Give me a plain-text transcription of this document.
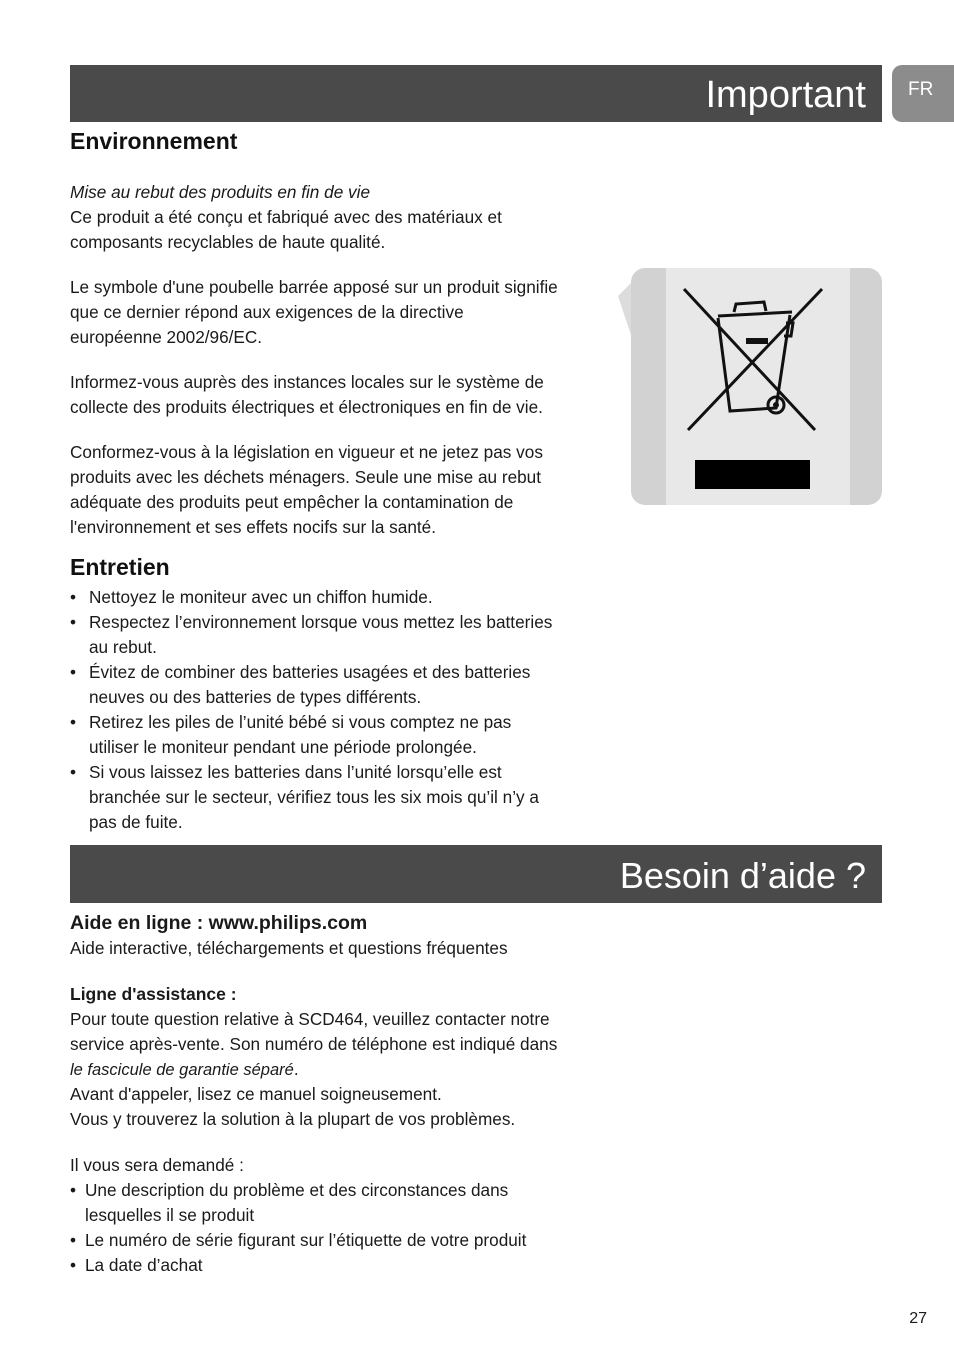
Important	FR
Environnement

Mise au rebut des produits en fin de vie

Ce produit a été conçu et fabriqué avec des matériaux et

composants recyclables de haute qualité.

Le symbole d'une poubelle barrée apposé sur un produit signifie

que ce dernier répond aux exigences de la directive

européenne 2002/96/EC.

Informez-vous auprès des instances locales sur le système de

collecte des produits électriques et électroniques en fin de vie.

Conformez-vous à la législation en vigueur et ne jetez pas vos

produits avec les déchets ménagers. Seule une mise au rebut

adéquate des produits peut empêcher la contamination de

l'environnement et ses effets nocifs sur la santé.

Entretien
• Nettoyez le moniteur avec un chiffon humide.
• Respectez l’environnement lorsque vous mettez les batteries
au rebut.
• Évitez de combiner des batteries usagées et des batteries
neuves ou des batteries de types différents.
• Retirez les piles de l’unité bébé si vous comptez ne pas
utiliser le moniteur pendant une période prolongée.
• Si vous laissez les batteries dans l’unité lorsqu’elle est
branchée sur le secteur, vérifiez tous les six mois qu’il n’y a
pas de fuite.
Besoin d’aide ?

Aide en ligne : www.philips.com

Aide interactive, téléchargements et questions fréquentes

Ligne d'assistance :

Pour toute question relative à SCD464, veuillez contacter notre

service après-vente. Son numéro de téléphone est indiqué dans

le fascicule de garantie séparé.

Avant d'appeler, lisez ce manuel soigneusement.

Vous y trouverez la solution à la plupart de vos problèmes.

Il vous sera demandé :

• Une description du problème et des circonstances dans
lesquelles il se produit
• Le numéro de série figurant sur l’étiquette de votre produit
• La date d’achat
27
